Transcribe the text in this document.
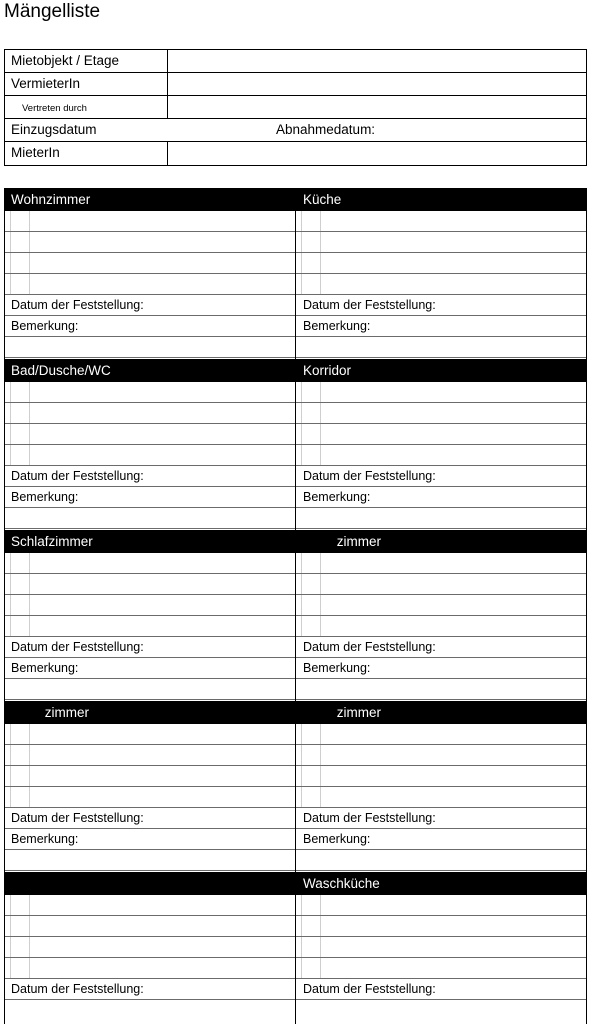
Mängelliste
Mietobjekt / Etage
VermieterIn
Vertreten durch
Einzugsdatum	Abnahmedatum:
MieterIn
Wohnzimmer
Datum der Feststellung:
Bemerkung:
Küche
Datum der Feststellung:
Bemerkung:
Bad/Dusche/WC
Datum der Feststellung:
Bemerkung:
Korridor
Datum der Feststellung:
Bemerkung:
Schlafzimmer
Datum der Feststellung:
Bemerkung:
zimmer
Datum der Feststellung:
Bemerkung:
zimmer
Datum der Feststellung:
Bemerkung:
zimmer
Datum der Feststellung:
Bemerkung:
Datum der Feststellung:
Waschküche
Datum der Feststellung:
